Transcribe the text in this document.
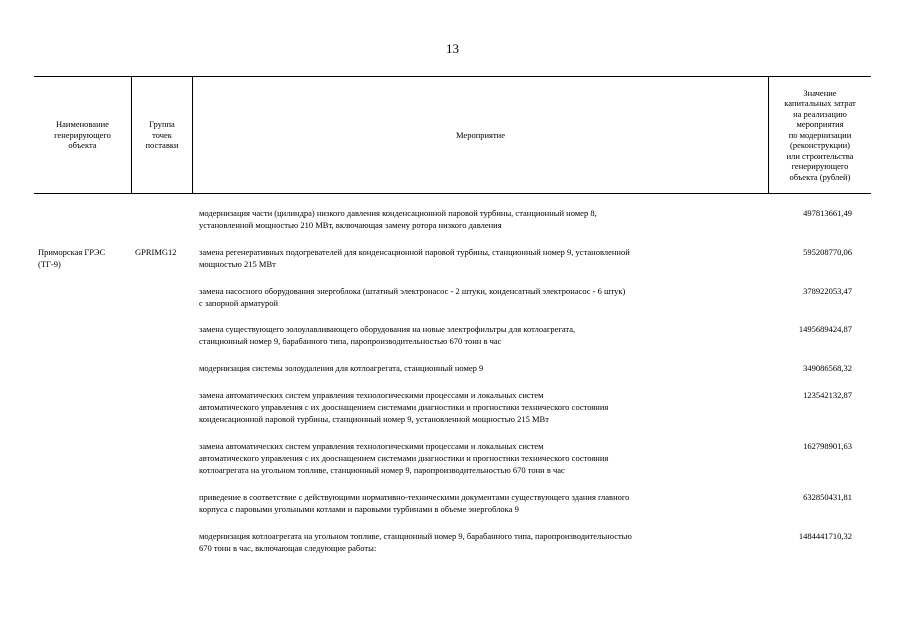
13
Наименование
генерирующего
объекта
Группа
точек
поставки
Мероприятие
Значение
капитальных затрат
на реализацию
мероприятия
по модернизации
(реконструкции)
или строительства
генерирующего
объекта (рублей)
Приморская ГРЭС
(ТГ-9)
GPRIMG12
модернизация части (цилиндра) низкого давления конденсационной паровой турбины, станционный номер 8,
установленной мощностью 210 МВт, включающая замену ротора низкого давления
497813661,49
замена регенеративных подогревателей для конденсационной паровой турбины, станционный номер 9, установленной
мощностью 215 МВт
595208770,06
замена насосного оборудования энергоблока (штатный электронасос - 2 штуки, конденсатный электронасос - 6 штук)
с запорной арматурой
378922053,47
замена существующего золоулавливающего оборудования на новые электрофильтры для котлоагрегата,
станционный номер 9, барабанного типа, паропроизводительностью 670 тонн в час
1495689424,87
модернизация системы золоудаления для котлоагрегата, станционный номер 9	349086568,32
замена автоматических систем управления технологическими процессами и локальных систем
автоматического управления с их дооснащением системами диагностики и прогностики технического состояния
конденсационной паровой турбины, станционный номер 9, установленной мощностью 215 МВт
123542132,87
замена автоматических систем управления технологическими процессами и локальных систем
автоматического управления с их дооснащением системами диагностики и прогностики технического состояния
котлоагрегата на угольном топливе, станционный номер 9, паропроизводительностью 670 тонн в час
162798901,63
приведение в соответствие с действующими нормативно-техническими документами существующего здания главного
корпуса с паровыми угольными котлами и паровыми турбинами в объеме энергоблока 9
632850431,81
модернизация котлоагрегата на угольном топливе, станционный номер 9, барабанного типа, паропроизводительностью
670 тонн в час, включающая следующие работы:
1484441710,32
